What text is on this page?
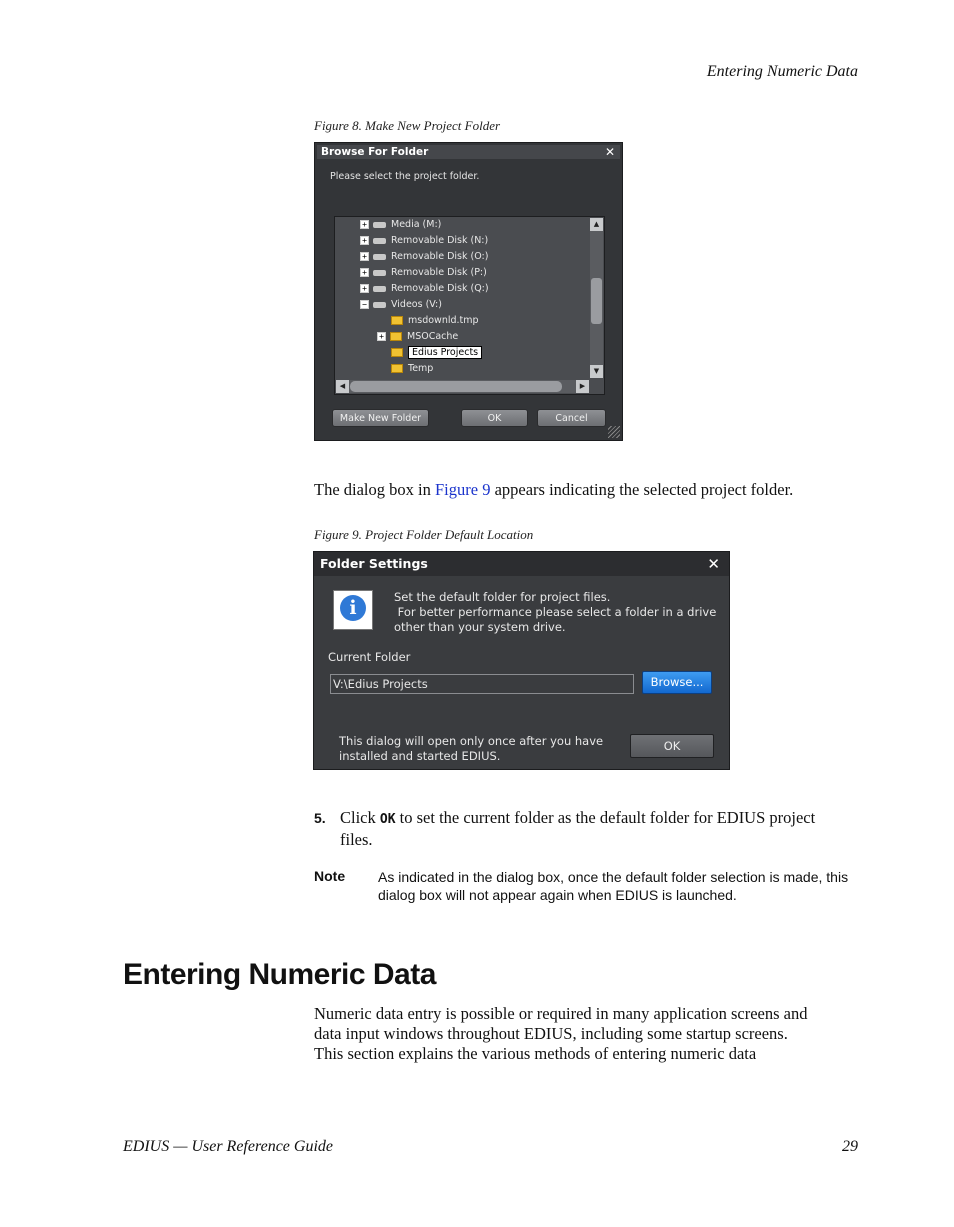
Entering Numeric Data
Figure 8. Make New Project Folder
Browse For Folder	✕
Please select the project folder.
+	Media (M:)
+	Removable Disk (N:)
+	Removable Disk (O:)
+	Removable Disk (P:)
+	Removable Disk (Q:)
−	Videos (V:)
msdownld.tmp
+ MSOCache
Edius Projects
Temp
▲
▼
◀	▶
Make New Folder	OK	Cancel
The dialog box in Figure 9 appears indicating the selected project folder.
Figure 9. Project Folder Default Location
Folder Settings	✕
i	Set the default folder for project files.
For better performance please select a folder in a drive
other than your system drive.
Current Folder
V:\Edius Projects	Browse...
This dialog will open only once after you have
installed and started EDIUS.
OK
5. Click OK to set the current folder as the default folder for EDIUS project
files.
Note As indicated in the dialog box, once the default folder selection is made, this
dialog box will not appear again when EDIUS is launched.
Entering Numeric Data
Numeric data entry is possible or required in many application screens and
data input windows throughout EDIUS, including some startup screens.
This section explains the various methods of entering numeric data
EDIUS — User Reference Guide	29
